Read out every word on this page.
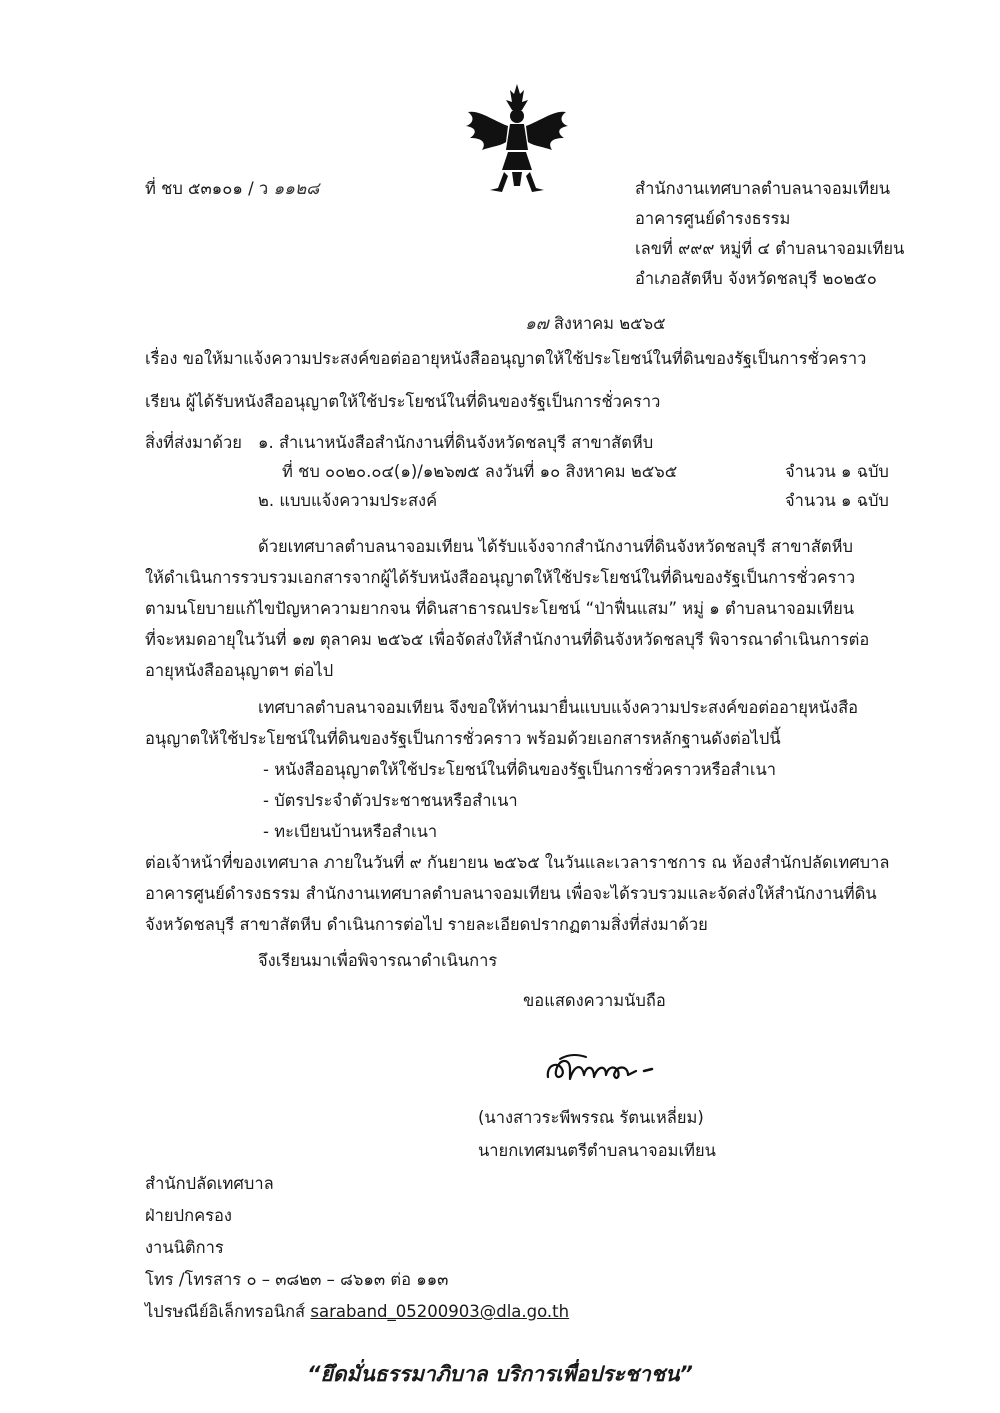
ที่ ชบ ๕๓๑๐๑ / ว ๑๑๒๘	สำนักงานเทศบาลตำบลนาจอมเทียน
อาคารศูนย์ดำรงธรรม
เลขที่ ๙๙๙ หมู่ที่ ๔ ตำบลนาจอมเทียน
อำเภอสัตหีบ จังหวัดชลบุรี ๒๐๒๕๐
๑๗ สิงหาคม ๒๕๖๕
เรื่อง ขอให้มาแจ้งความประสงค์ขอต่ออายุหนังสืออนุญาตให้ใช้ประโยชน์ในที่ดินของรัฐเป็นการชั่วคราว
เรียน ผู้ได้รับหนังสืออนุญาตให้ใช้ประโยชน์ในที่ดินของรัฐเป็นการชั่วคราว
สิ่งที่ส่งมาด้วย ๑. สำเนาหนังสือสำนักงานที่ดินจังหวัดชลบุรี สาขาสัตหีบ
ที่ ชบ ๐๐๒๐.๐๔(๑)/๑๒๖๗๕ ลงวันที่ ๑๐ สิงหาคม ๒๕๖๕	จำนวน ๑ ฉบับ
๒. แบบแจ้งความประสงค์	จำนวน ๑ ฉบับ
ด้วยเทศบาลตำบลนาจอมเทียน ได้รับแจ้งจากสำนักงานที่ดินจังหวัดชลบุรี สาขาสัตหีบ
ให้ดำเนินการรวบรวมเอกสารจากผู้ได้รับหนังสืออนุญาตให้ใช้ประโยชน์ในที่ดินของรัฐเป็นการชั่วคราว
ตามนโยบายแก้ไขปัญหาความยากจน ที่ดินสาธารณประโยชน์ “ป่าฟื่นแสม” หมู่ ๑ ตำบลนาจอมเทียน
ที่จะหมดอายุในวันที่ ๑๗ ตุลาคม ๒๕๖๕ เพื่อจัดส่งให้สำนักงานที่ดินจังหวัดชลบุรี พิจารณาดำเนินการต่อ
อายุหนังสืออนุญาตฯ ต่อไป
เทศบาลตำบลนาจอมเทียน จึงขอให้ท่านมายื่นแบบแจ้งความประสงค์ขอต่ออายุหนังสือ
อนุญาตให้ใช้ประโยชน์ในที่ดินของรัฐเป็นการชั่วคราว พร้อมด้วยเอกสารหลักฐานดังต่อไปนี้
- หนังสืออนุญาตให้ใช้ประโยชน์ในที่ดินของรัฐเป็นการชั่วคราวหรือสำเนา
- บัตรประจำตัวประชาชนหรือสำเนา
- ทะเบียนบ้านหรือสำเนา
ต่อเจ้าหน้าที่ของเทศบาล ภายในวันที่ ๙ กันยายน ๒๕๖๕ ในวันและเวลาราชการ ณ ห้องสำนักปลัดเทศบาล
อาคารศูนย์ดำรงธรรม สำนักงานเทศบาลตำบลนาจอมเทียน เพื่อจะได้รวบรวมและจัดส่งให้สำนักงานที่ดิน
จังหวัดชลบุรี สาขาสัตหีบ ดำเนินการต่อไป รายละเอียดปรากฏตามสิ่งที่ส่งมาด้วย
จึงเรียนมาเพื่อพิจารณาดำเนินการ
ขอแสดงความนับถือ
(นางสาวระพีพรรณ รัตนเหลี่ยม)
นายกเทศมนตรีตำบลนาจอมเทียน
สำนักปลัดเทศบาล
ฝ่ายปกครอง
งานนิติการ
โทร /โทรสาร ๐ – ๓๘๒๓ – ๘๖๑๓ ต่อ ๑๑๓
ไปรษณีย์อิเล็กทรอนิกส์ saraband_05200903@dla.go.th
“ยึดมั่นธรรมาภิบาล บริการเพื่อประชาชน”
